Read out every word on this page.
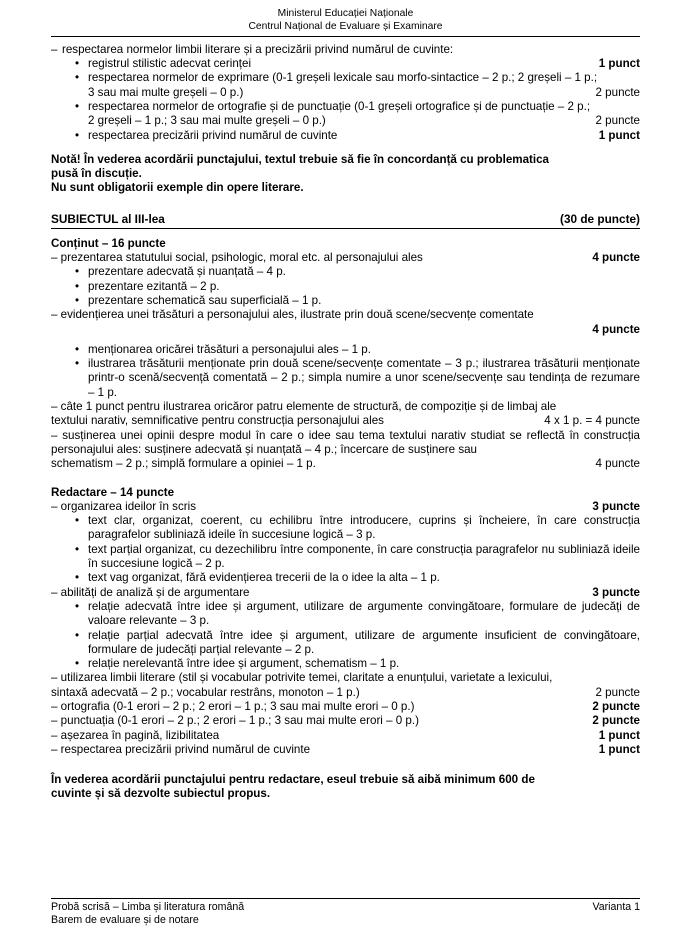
Ministerul Educației Naționale
Centrul Național de Evaluare și Examinare
– respectarea normelor limbii literare și a precizării privind numărul de cuvinte:
• registrul stilistic adecvat cerinței	1 punct
• respectarea normelor de exprimare (0-1 greșeli lexicale sau morfo-sintactice – 2 p.; 2 greșeli – 1 p.;
3 sau mai multe greșeli – 0 p.)	2 puncte
• respectarea normelor de ortografie și de punctuație (0-1 greșeli ortografice și de punctuație – 2 p.;
2 greșeli – 1 p.; 3 sau mai multe greșeli – 0 p.)	2 puncte
• respectarea precizării privind numărul de cuvinte	1 punct
Notă! În vederea acordării punctajului, textul trebuie să fie în concordanță cu problematica
pusă în discuție.
Nu sunt obligatorii exemple din opere literare.
SUBIECTUL al III-lea	(30 de puncte)
Conținut – 16 puncte
– prezentarea statutului social, psihologic, moral etc. al personajului ales	4 puncte
• prezentare adecvată și nuanțată – 4 p.
• prezentare ezitantă – 2 p.
• prezentare schematică sau superficială – 1 p.
– evidențierea unei trăsături a personajului ales, ilustrate prin două scene/secvențe comentate
4 puncte
• menționarea oricărei trăsături a personajului ales – 1 p.
• ilustrarea trăsăturii menționate prin două scene/secvențe comentate – 3 p.; ilustrarea trăsăturii menționate printr-o scenă/secvență comentată – 2 p.; simpla numire a unor scene/secvențe sau tendința de rezumare – 1 p.
– câte 1 punct pentru ilustrarea oricăror patru elemente de structură, de compoziție și de limbaj ale
textului narativ, semnificative pentru construcția personajului ales	4 x 1 p. = 4 puncte
– susținerea unei opinii despre modul în care o idee sau tema textului narativ studiat se reflectă în construcția personajului ales: susținere adecvată și nuanțată – 4 p.; încercare de susținere sau
schematism – 2 p.; simplă formulare a opiniei – 1 p.	4 puncte
Redactare – 14 puncte
– organizarea ideilor în scris	3 puncte
• text clar, organizat, coerent, cu echilibru între introducere, cuprins și încheiere, în care construcția paragrafelor subliniază ideile în succesiune logică – 3 p.
• text parțial organizat, cu dezechilibru între componente, în care construcția paragrafelor nu subliniază ideile în succesiune logică – 2 p.
• text vag organizat, fără evidențierea trecerii de la o idee la alta – 1 p.
– abilități de analiză și de argumentare	3 puncte
• relație adecvată între idee și argument, utilizare de argumente convingătoare, formulare de judecăți de valoare relevante – 3 p.
• relație parțial adecvată între idee și argument, utilizare de argumente insuficient de convingătoare, formulare de judecăți parțial relevante – 2 p.
• relație nerelevantă între idee și argument, schematism – 1 p.
– utilizarea limbii literare (stil și vocabular potrivite temei, claritate a enunțului, varietate a lexicului,
sintaxă adecvată – 2 p.; vocabular restrâns, monoton – 1 p.)	2 puncte
– ortografia (0-1 erori – 2 p.; 2 erori – 1 p.; 3 sau mai multe erori – 0 p.)	2 puncte
– punctuația (0-1 erori – 2 p.; 2 erori – 1 p.; 3 sau mai multe erori – 0 p.)	2 puncte
– așezarea în pagină, lizibilitatea	1 punct
– respectarea precizării privind numărul de cuvinte	1 punct
În vederea acordării punctajului pentru redactare, eseul trebuie să aibă minimum 600 de
cuvinte și să dezvolte subiectul propus.
Probă scrisă – Limba și literatura română	Varianta 1
Barem de evaluare și de notare
